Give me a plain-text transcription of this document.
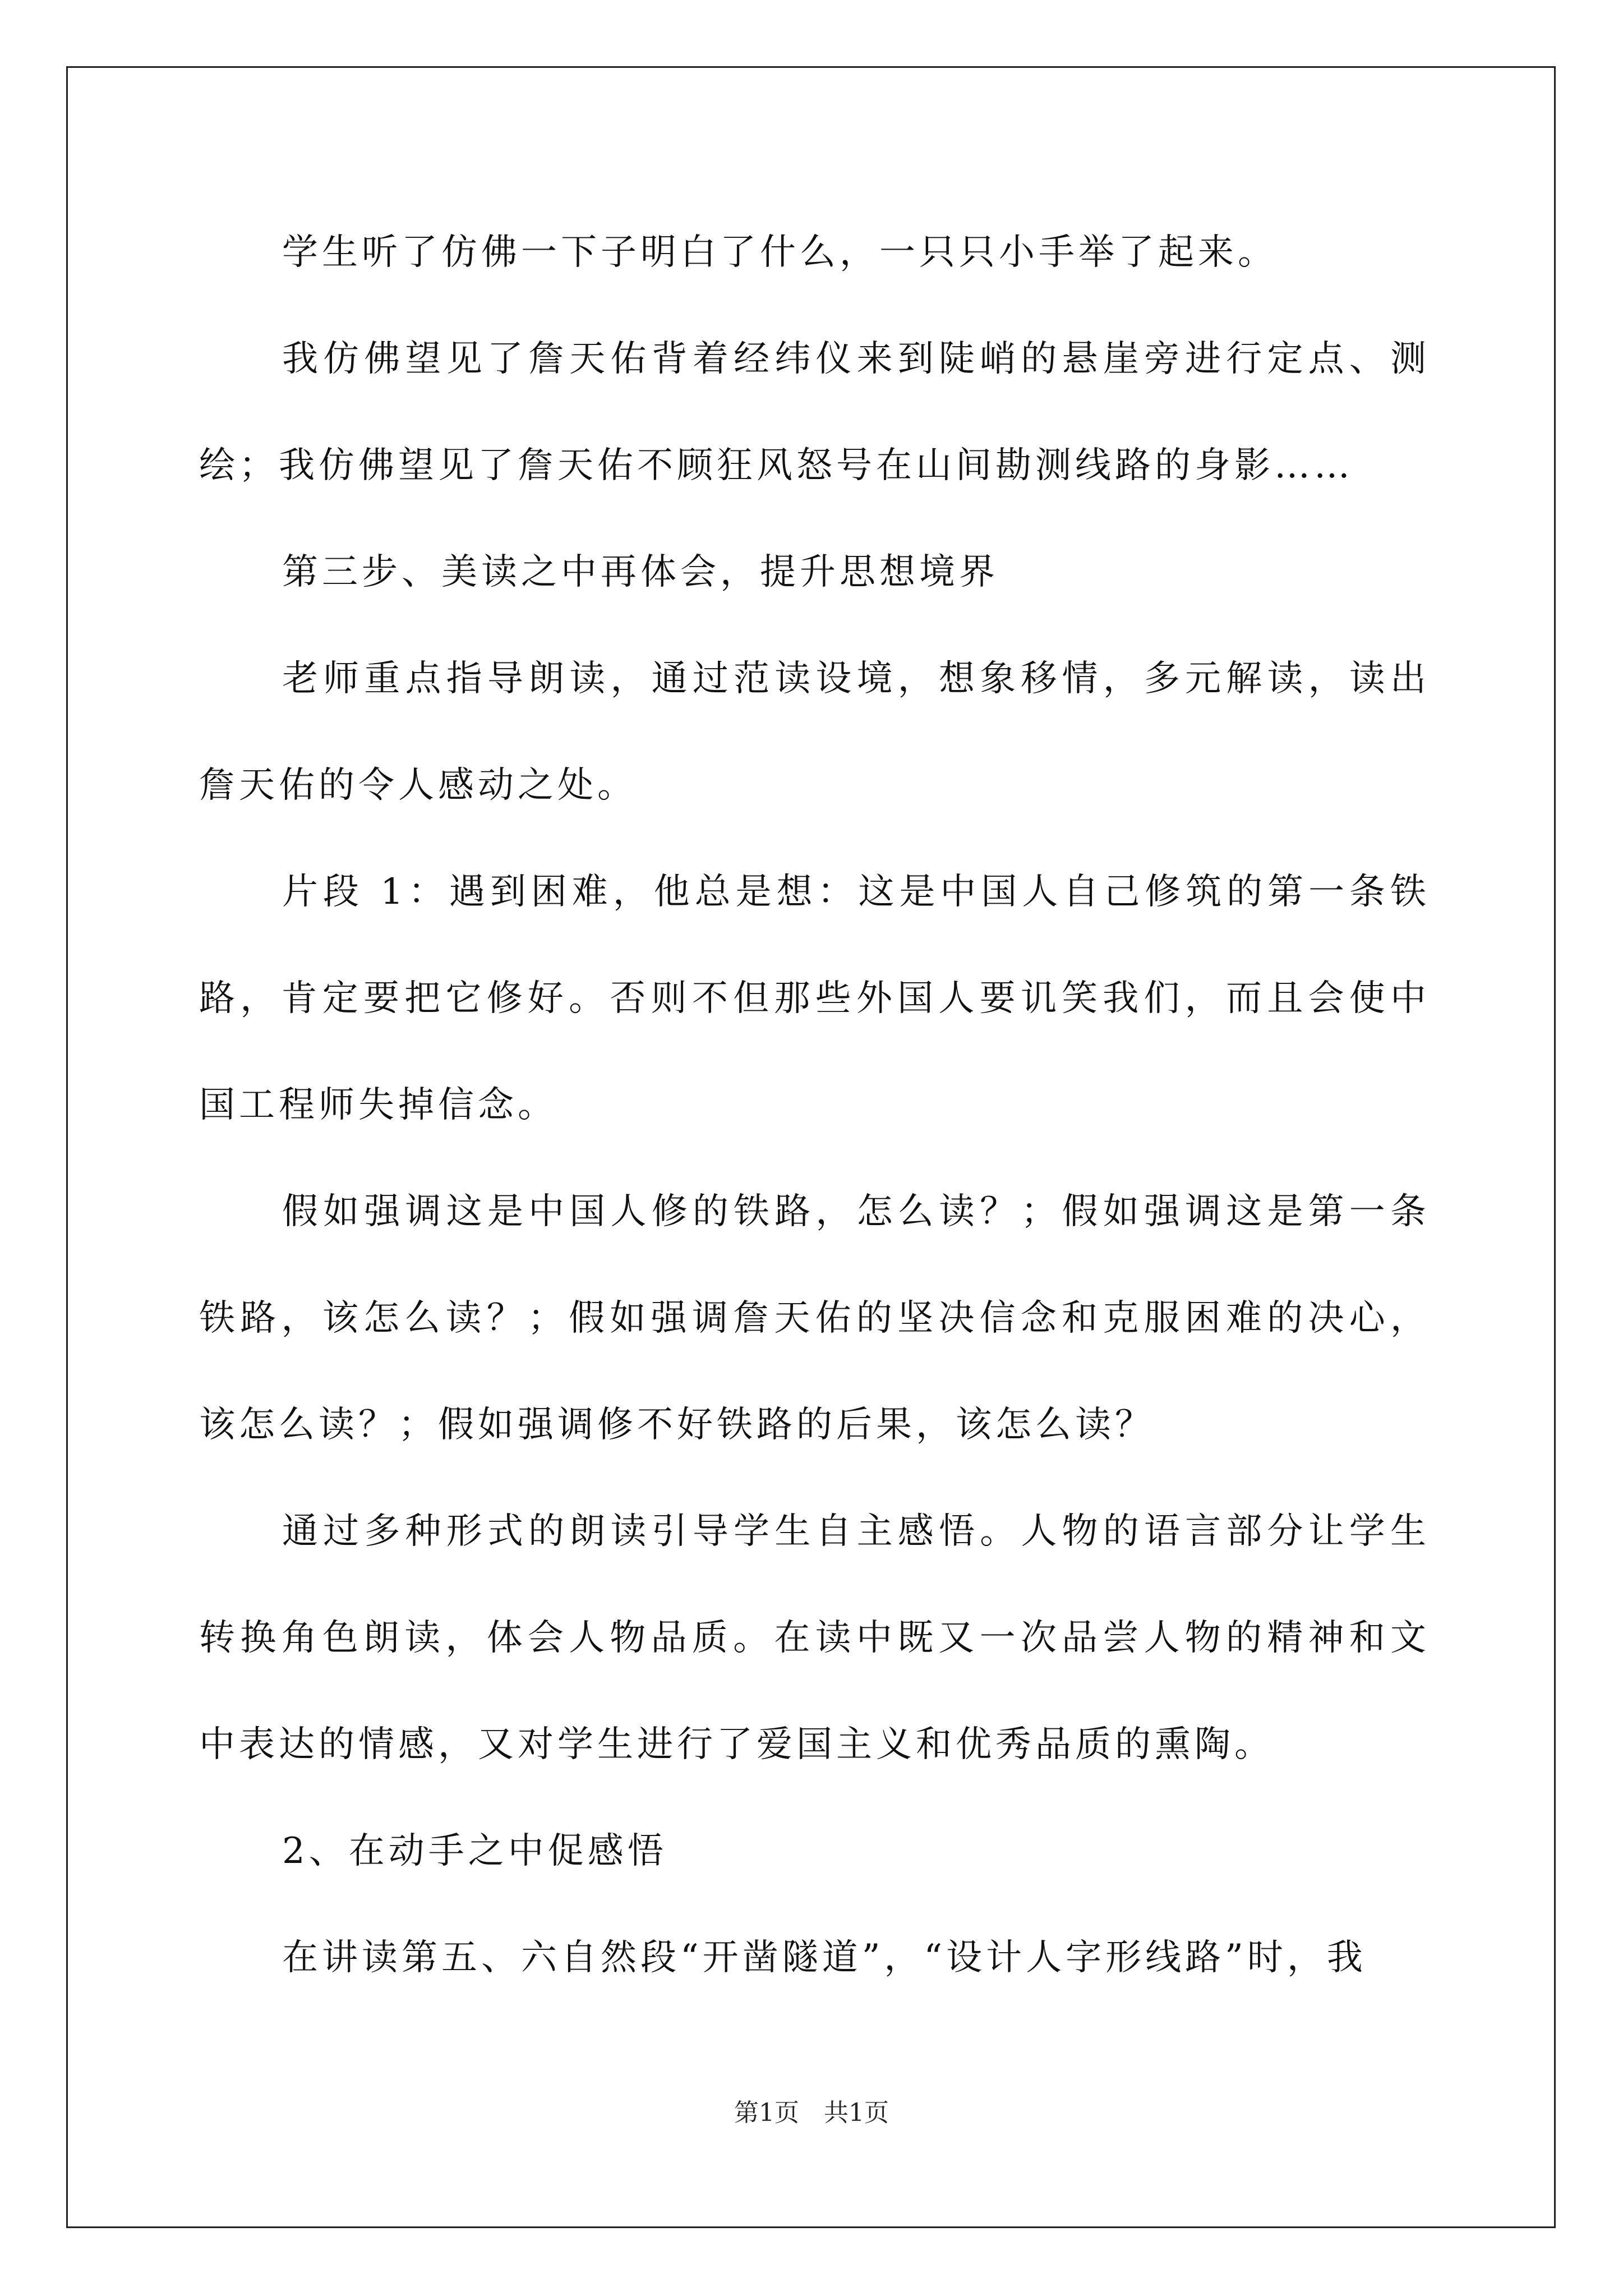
学生听了仿佛一下子明白了什么，一只只小手举了起来。

我仿佛望见了詹天佑背着经纬仪来到陡峭的悬崖旁进行定点、测绘；我仿佛望见了詹天佑不顾狂风怒号在山间勘测线路的身影……

第三步、美读之中再体会，提升思想境界

老师重点指导朗读，通过范读设境，想象移情，多元解读，读出詹天佑的令人感动之处。

片段 1：遇到困难，他总是想：这是中国人自己修筑的第一条铁路，肯定要把它修好。否则不但那些外国人要讥笑我们，而且会使中国工程师失掉信念。

假如强调这是中国人修的铁路，怎么读？；假如强调这是第一条铁路，该怎么读？；假如强调詹天佑的坚决信念和克服困难的决心，该怎么读？；假如强调修不好铁路的后果，该怎么读？

通过多种形式的朗读引导学生自主感悟。人物的语言部分让学生转换角色朗读，体会人物品质。在读中既又一次品尝人物的精神和文中表达的情感，又对学生进行了爱国主义和优秀品质的熏陶。

2、在动手之中促感悟

在讲读第五、六自然段“开凿隧道”，“设计人字形线路”时，我

第1页　共1页
